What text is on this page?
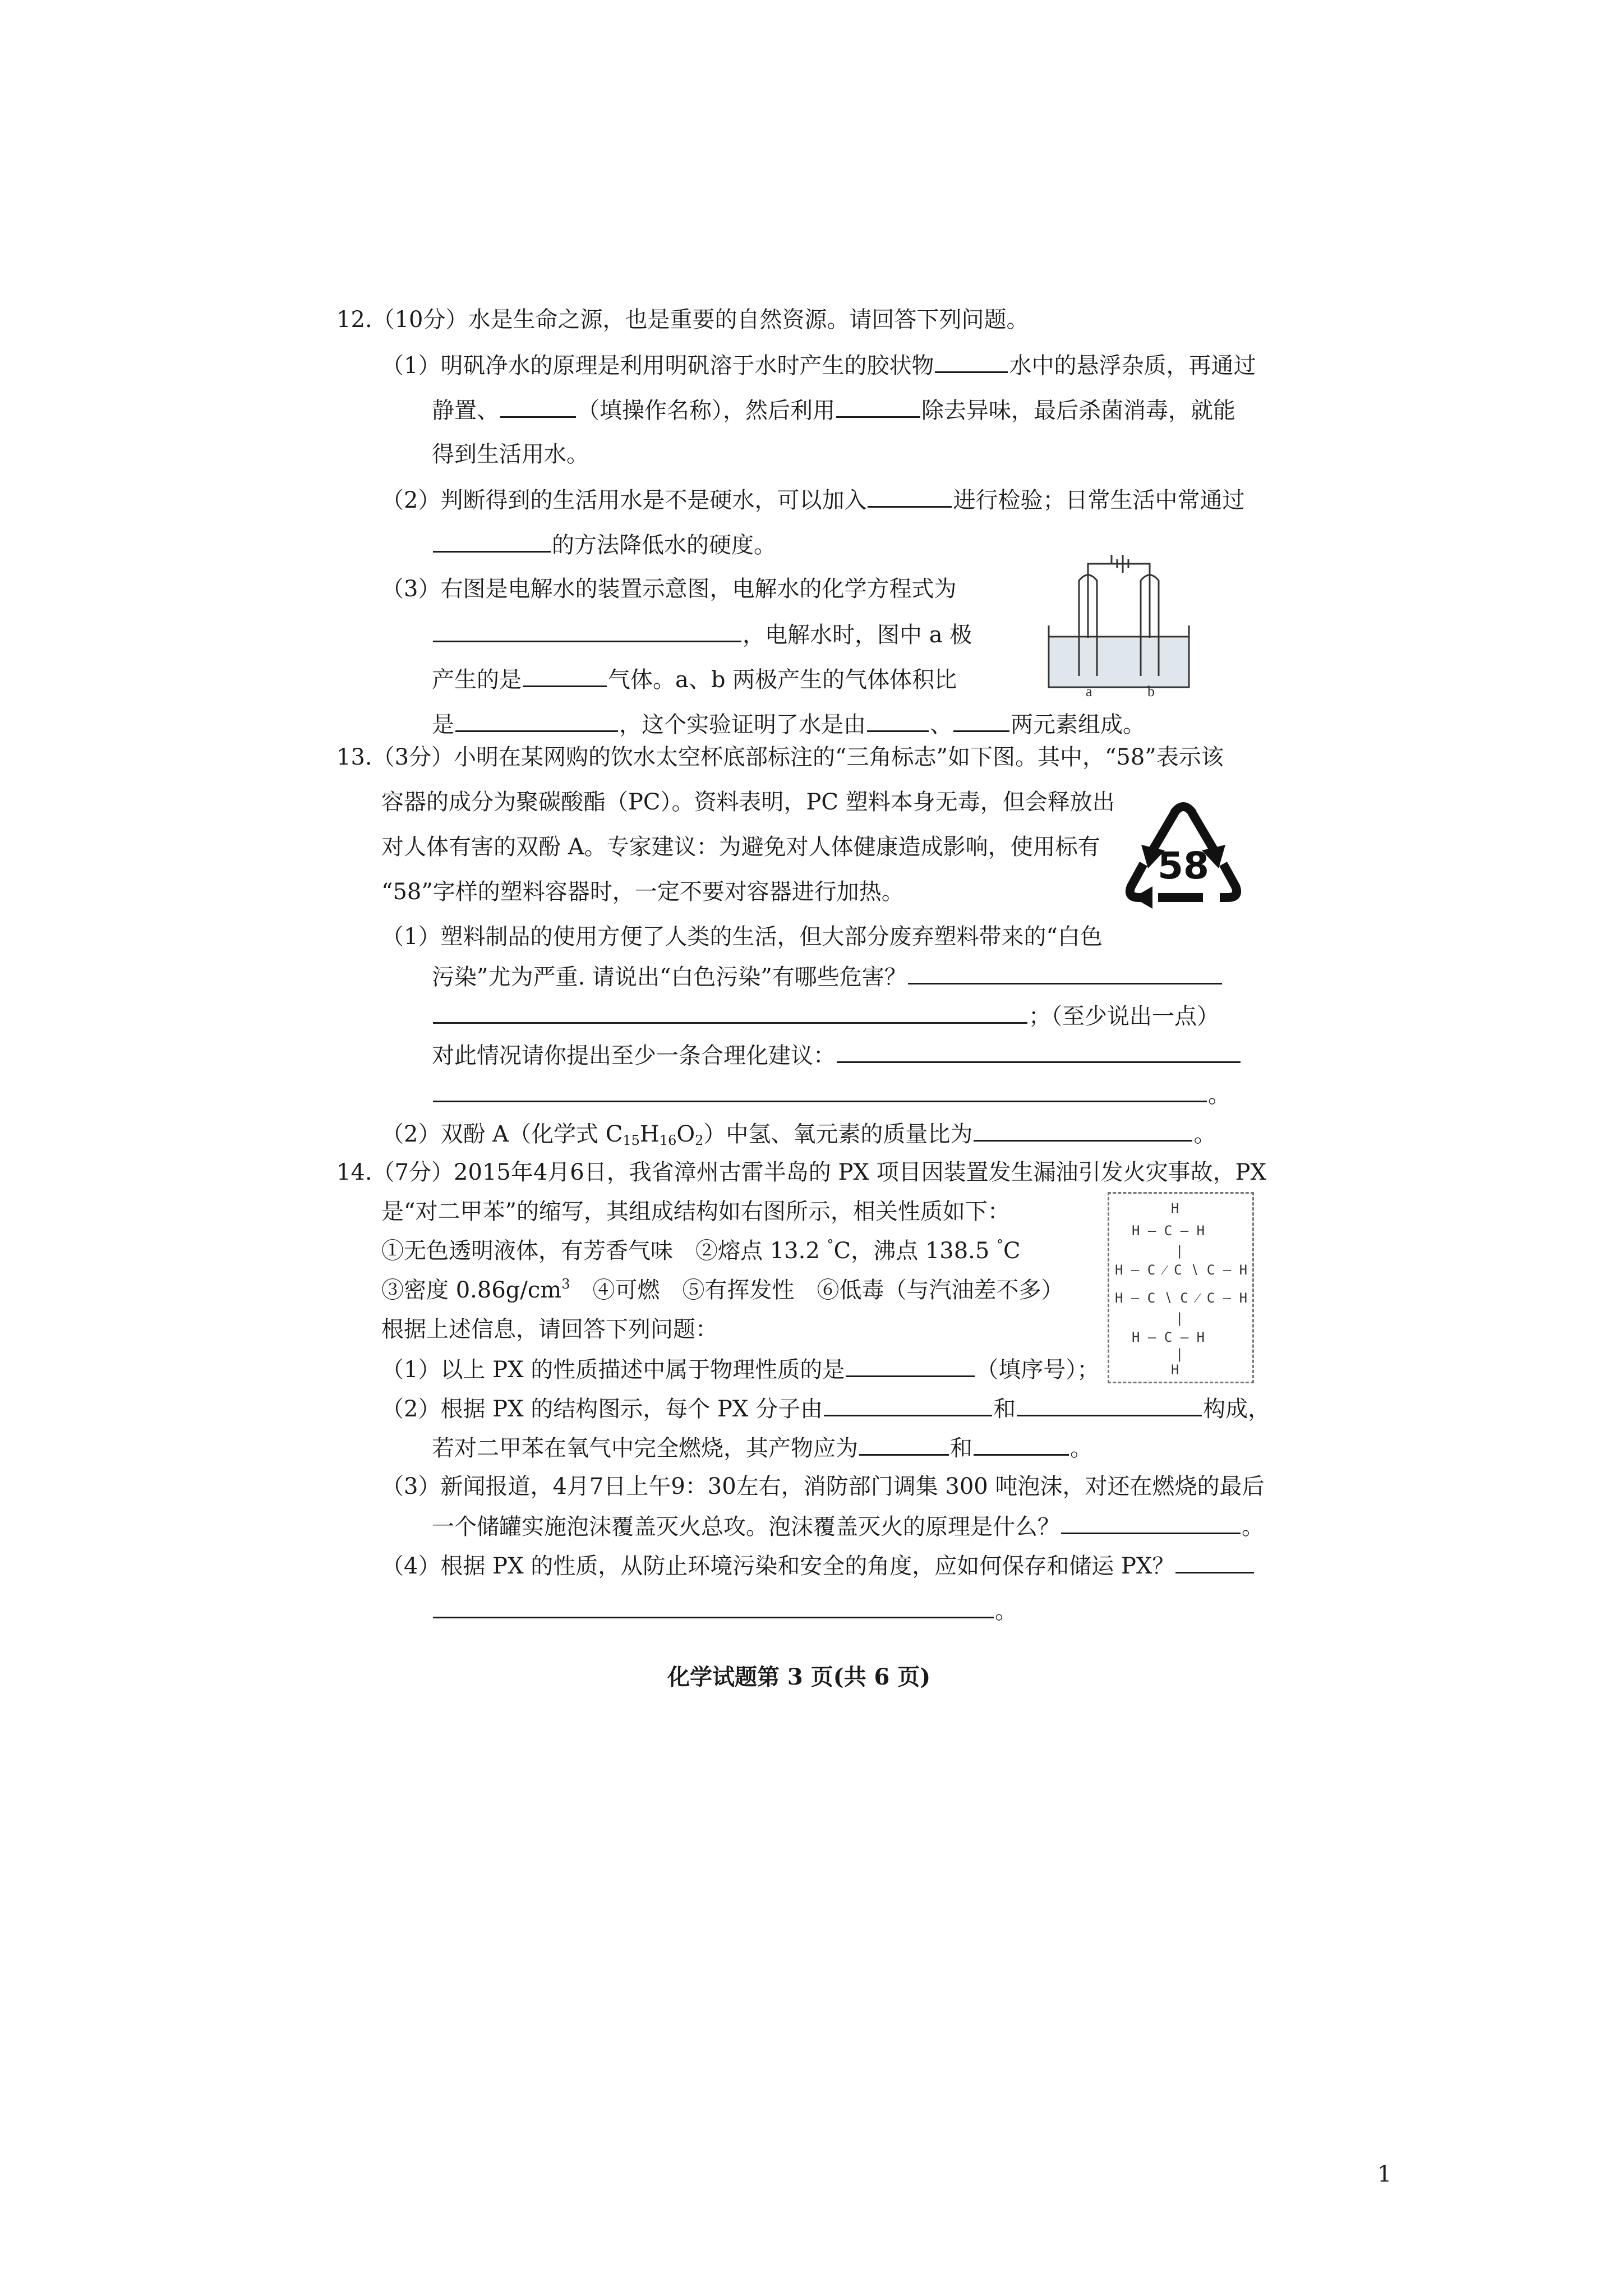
12.（10分）水是生命之源，也是重要的自然资源。请回答下列问题。
（1）明矾净水的原理是利用明矾溶于水时产生的胶状物	水中的悬浮杂质，再通过
静置、	（填操作名称），然后利用	除去异味，最后杀菌消毒，就能
得到生活用水。
（2）判断得到的生活用水是不是硬水，可以加入	进行检验；日常生活中常通过
的方法降低水的硬度。
（3）右图是电解水的装置示意图，电解水的化学方程式为
，电解水时，图中 a 极
产生的是	气体。a、b 两极产生的气体体积比
是	，这个实验证明了水是由	、	两元素组成。
a	b
13.（3分）小明在某网购的饮水太空杯底部标注的“三角标志”如下图。其中，“58”表示该
容器的成分为聚碳酸酯（PC）。资料表明，PC 塑料本身无毒，但会释放出
对人体有害的双酚 A。专家建议：为避免对人体健康造成影响，使用标有
“58”字样的塑料容器时，一定不要对容器进行加热。
58
（1）塑料制品的使用方便了人类的生活，但大部分废弃塑料带来的“白色
污染”尤为严重. 请说出“白色污染”有哪些危害？
；（至少说出一点）
对此情况请你提出至少一条合理化建议：
。
（2）双酚 A（化学式 $C_{15}H_{16}O_2$）中氢、氧元素的质量比为	。
14.（7分）2015年4月6日，我省漳州古雷半岛的 PX 项目因装置发生漏油引发火灾事故，PX
是“对二甲苯”的缩写，其组成结构如右图所示，相关性质如下：
①无色透明液体，有芳香气味　②熔点 13.2 °C，沸点 138.5 °C
③密度 $0.86g/cm^3$　④可燃　⑤有挥发性　⑥低毒（与汽油差不多）
根据上述信息，请回答下列问题：
H
H — C — H
|
H — C ⁄ C ∖ C — H
H — C ∖ C ⁄ C — H
|
H — C — H
|
H
（1）以上 PX 的性质描述中属于物理性质的是	（填序号）；
（2）根据 PX 的结构图示，每个 PX 分子由	和	构成，
若对二甲苯在氧气中完全燃烧，其产物应为	和	。
（3）新闻报道，4月7日上午9：30左右，消防部门调集 300 吨泡沫，对还在燃烧的最后
一个储罐实施泡沫覆盖灭火总攻。泡沫覆盖灭火的原理是什么？	。
（4）根据 PX 的性质，从防止环境污染和安全的角度，应如何保存和储运 PX？
。
化学试题第 3 页(共 6 页)
1
